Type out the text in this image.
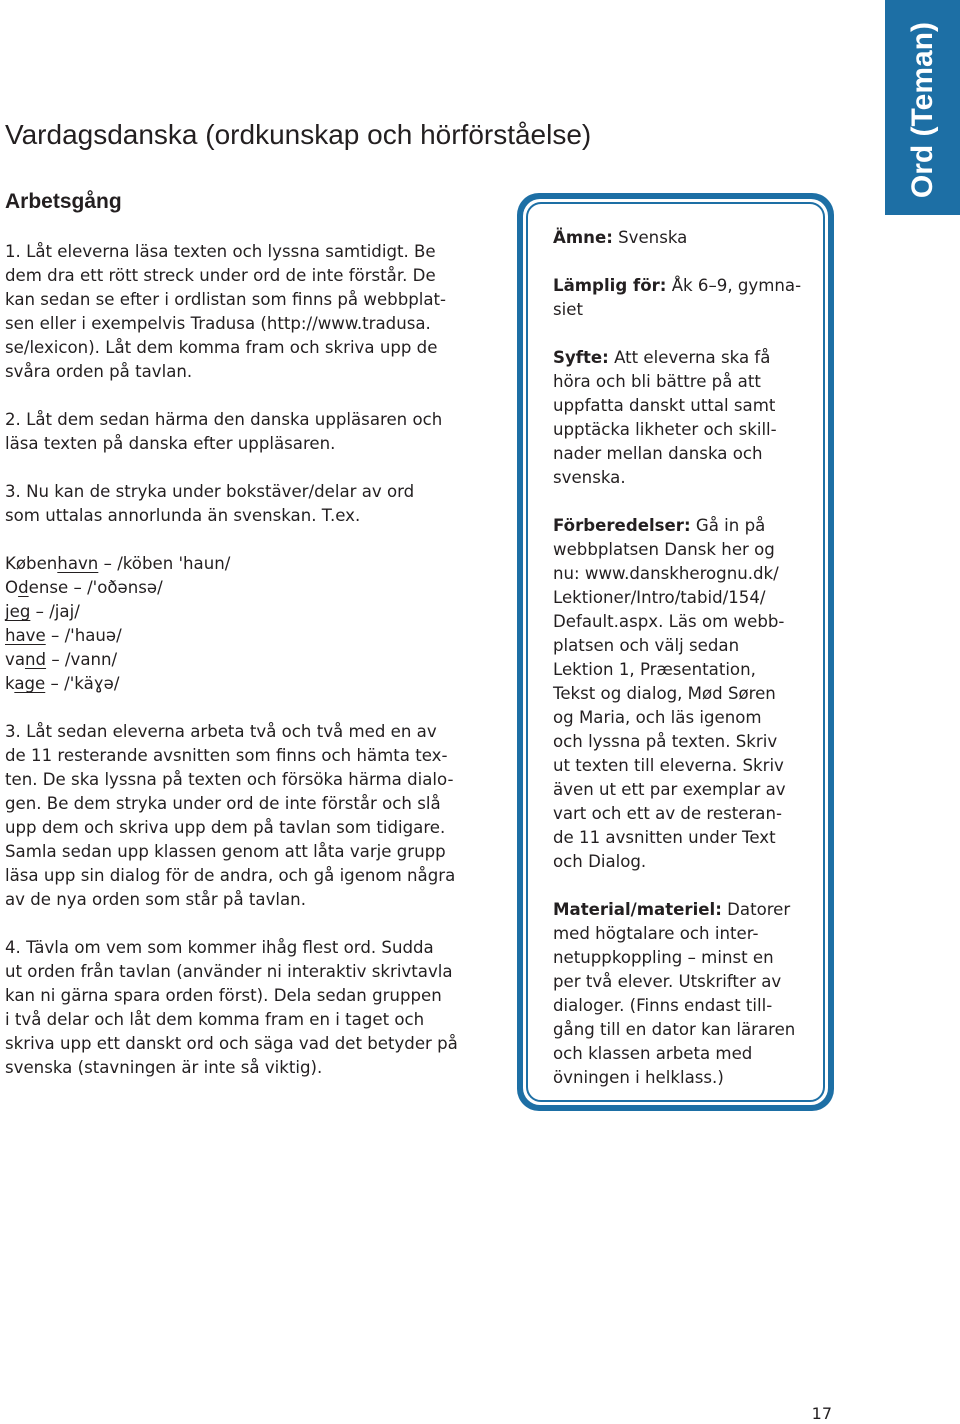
Ord (Teman)
Vardagsdanska (ordkunskap och hörförståelse)
Arbetsgång

1. Låt eleverna läsa texten och lyssna samtidigt. Be
dem dra ett rött streck under ord de inte förstår. De
kan sedan se efter i ordlistan som finns på webbplat-
sen eller i exempelvis Tradusa (http://www.tradusa.
se/lexicon). Låt dem komma fram och skriva upp de
svåra orden på tavlan.

2. Låt dem sedan härma den danska uppläsaren och
läsa texten på danska efter uppläsaren.

3. Nu kan de stryka under bokstäver/delar av ord
som uttalas annorlunda än svenskan. T.ex.

København – /köben 'haun/
Odense – /'oðənsə/
jeg – /jaj/
have – /'hauə/
vand – /vann/
kage – /'käɣə/

3. Låt sedan eleverna arbeta två och två med en av
de 11 resterande avsnitten som finns och hämta tex-
ten. De ska lyssna på texten och försöka härma dialo-
gen. Be dem stryka under ord de inte förstår och slå
upp dem och skriva upp dem på tavlan som tidigare.
Samla sedan upp klassen genom att låta varje grupp
läsa upp sin dialog för de andra, och gå igenom några
av de nya orden som står på tavlan.

4. Tävla om vem som kommer ihåg flest ord. Sudda
ut orden från tavlan (använder ni interaktiv skrivtavla
kan ni gärna spara orden först). Dela sedan gruppen
i två delar och låt dem komma fram en i taget och
skriva upp ett danskt ord och säga vad det betyder på
svenska (stavningen är inte så viktig).

Ämne: Svenska

Lämplig för: Åk 6–9, gymna-
siet

Syfte: Att eleverna ska få
höra och bli bättre på att
uppfatta danskt uttal samt
upptäcka likheter och skill-
nader mellan danska och
svenska.

Förberedelser: Gå in på
webbplatsen Dansk her og
nu: www.danskherognu.dk/
Lektioner/Intro/tabid/154/
Default.aspx. Läs om webb-
platsen och välj sedan
Lektion 1, Præsentation,
Tekst og dialog, Mød Søren
og Maria, och läs igenom
och lyssna på texten. Skriv
ut texten till eleverna. Skriv
även ut ett par exemplar av
vart och ett av de resteran-
de 11 avsnitten under Text
och Dialog.

Material/materiel: Datorer
med högtalare och inter-
netuppkoppling – minst en
per två elever. Utskrifter av
dialoger. (Finns endast till-
gång till en dator kan läraren
och klassen arbeta med
övningen i helklass.)

17
